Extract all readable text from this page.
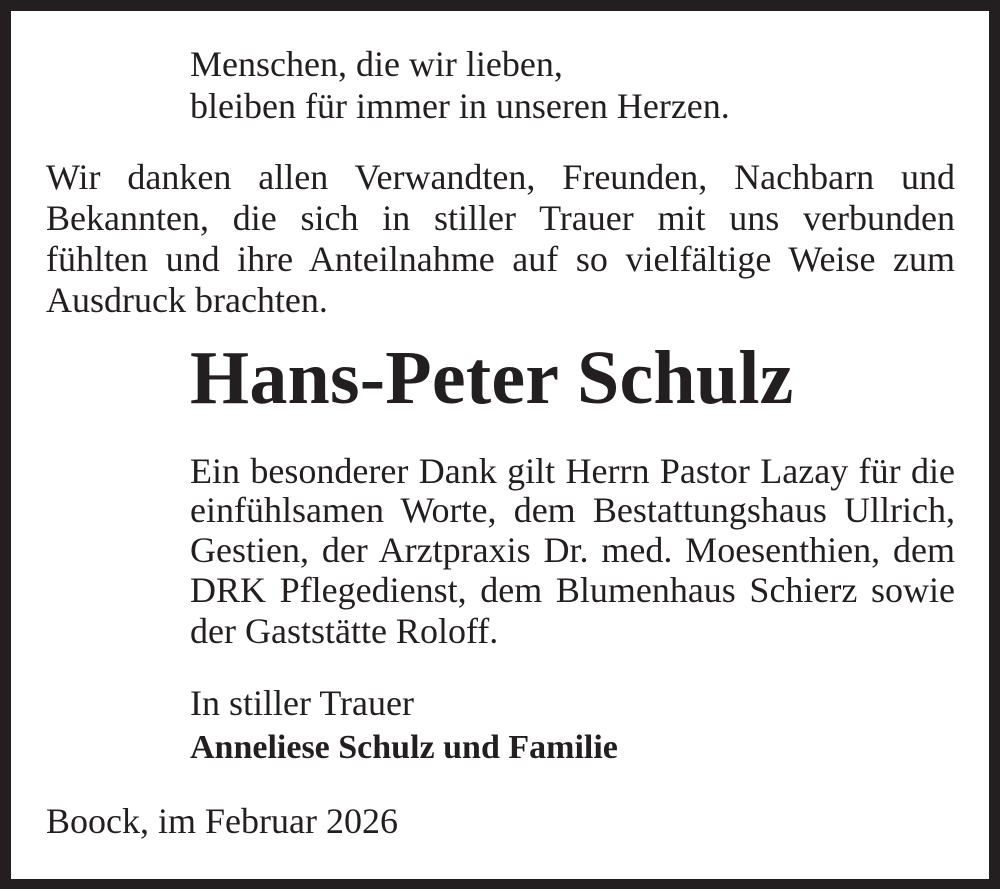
Menschen, die wir lieben,
bleiben für immer in unseren Herzen.
Wir danken allen Verwandten, Freunden, Nachbarn und
Bekannten, die sich in stiller Trauer mit uns verbunden
fühlten und ihre Anteilnahme auf so vielfältige Weise zum
Ausdruck brachten.
Hans-Peter Schulz
Ein besonderer Dank gilt Herrn Pastor Lazay für die
einfühlsamen Worte, dem Bestattungshaus Ullrich,
Gestien, der Arztpraxis Dr. med. Moesenthien, dem
DRK Pflegedienst, dem Blumenhaus Schierz sowie
der Gaststätte Roloff.
In stiller Trauer
Anneliese Schulz und Familie
Boock, im Februar 2026
